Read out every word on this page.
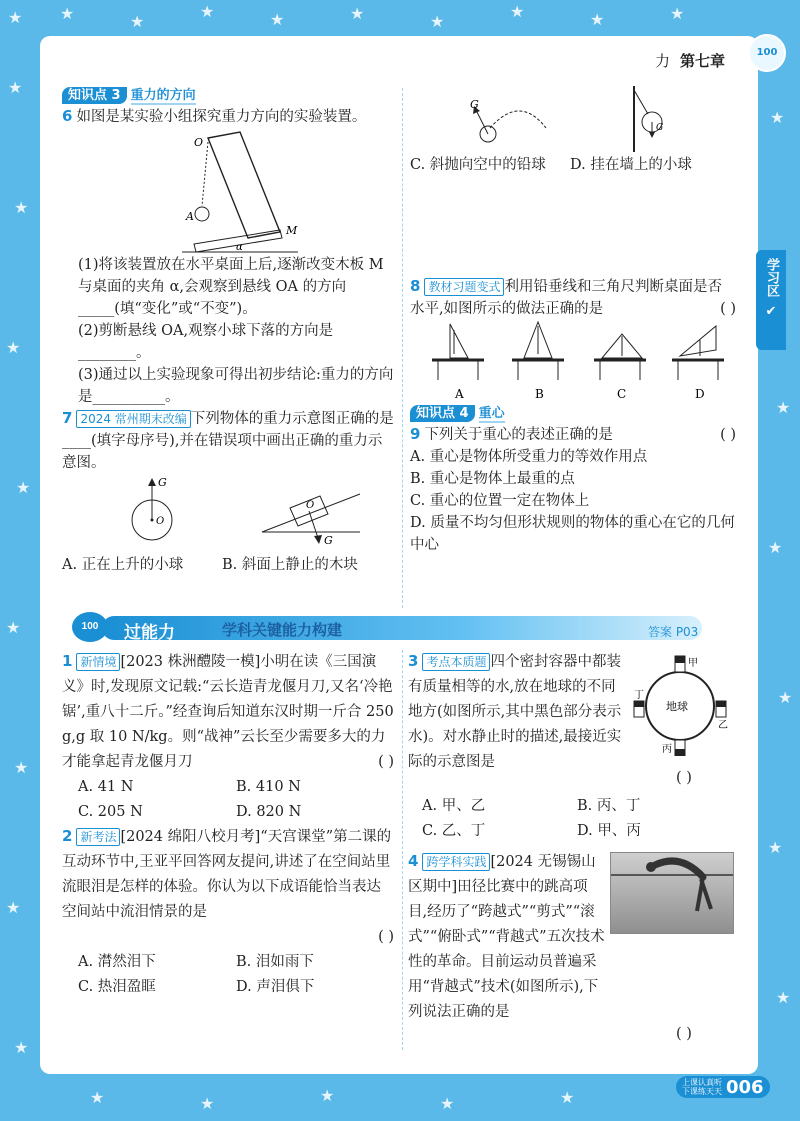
★ ★	★
★	★	★	★
★	★	★
★
★
★
★
★
★
★
★
★
★
★
★
★
★
★	★	★	★	★
力 第七章	100
学习区
✔
知识点 3 重力的方向
6 如图是某实验小组探究重力方向的实验装置。
O
A
M
α
(1)将该装置放在水平桌面上后,逐渐改变木板 M 与桌面的夹角 α,会观察到悬线 OA 的方向_____(填“变化”或“不变”)。
(2)剪断悬线 OA,观察小球下落的方向是________。
(3)通过以上实验现象可得出初步结论:重力的方向是__________。
7 2024 常州期末改编 下列物体的重力示意图正确的是____(填字母序号),并在错误项中画出正确的重力示意图。
G
O
G
O
A. 正在上升的小球	B. 斜面上静止的木块
G
G
C. 斜抛向空中的铅球	D. 挂在墙上的小球
8 教材习题变式 利用铅垂线和三角尺判断桌面是否水平,如图所示的做法正确的是	( )
A	B	C	D
知识点 4 重心
9 下列关于重心的表述正确的是	( )
A. 重心是物体所受重力的等效作用点
B. 重心是物体上最重的点
C. 重心的位置一定在物体上
D. 质量不均匀但形状规则的物体的重心在它的几何中心
100	过能力	学科关键能力构建	答案 P03
1 新情境 [2023 株洲醴陵一模]小明在读《三国演义》时,发现原文记载:“云长造青龙偃月刀,又名‘冷艳锯’,重八十二斤。”经查询后知道东汉时期一斤合 250 g,g 取 10 N/kg。则“战神”云长至少需要多大的力才能拿起青龙偃月刀	( )
A. 41 N	B. 410 N
C. 205 N	D. 820 N
2 新考法 [2024 绵阳八校月考]“天宫课堂”第二课的互动环节中,王亚平回答网友提问,讲述了在空间站里流眼泪是怎样的体验。你认为以下成语能恰当表达空间站中流泪情景的是
( )
A. 潸然泪下	B. 泪如雨下
C. 热泪盈眶	D. 声泪俱下
地球
甲
乙
丙
丁
3 考点本质题 四个密封容器中都装有质量相等的水,放在地球的不同地方(如图所示,其中黑色部分表示水)。对水静止时的描述,最接近实际的示意图是
( )
A. 甲、乙	B. 丙、丁
C. 乙、丁	D. 甲、丙
4 跨学科实践 [2024 无锡锡山区期中]田径比赛中的跳高项目,经历了“跨越式”“剪式”“滚式”“俯卧式”“背越式”五次技术性的革命。目前运动员普遍采用“背越式”技术(如图所示),下列说法正确的是
( )
上课认真听 下课练天天 006
